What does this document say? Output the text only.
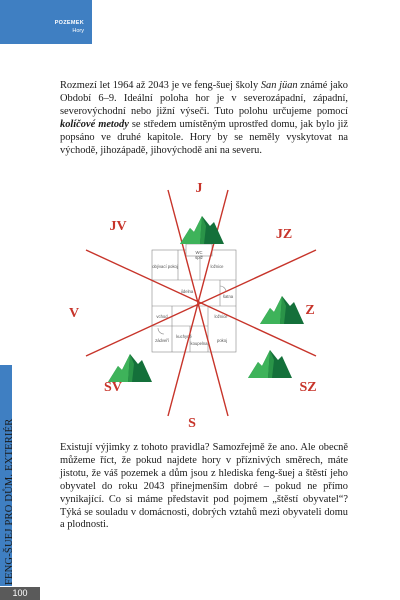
POZEMEK
Hory

Rozmezí let 1964 až 2043 je ve feng-šuej školy San jüan známé jako Období 6–9. Ideální poloha hor je v severozápadní, západní, severovýchodní nebo jižní výseči. Tuto polohu určujeme pomocí kolíčové metody se středem umístěným uprostřed domu, jak bylo již popsáno ve druhé kapitole. Hory by se neměly vyskytovat na východě, jihozápadě, jihovýchodě ani na severu.

WC
spíž
obývací pokoj	ložnice
jídelna
šatna
vchod	ložnice
kuchyně
zádveří
koupelna
pokoj
J
JZ
Z
SZ
S
SV
V
JV

Existují výjimky z tohoto pravidla? Samozřejmě že ano. Ale obecně můžeme říct, že pokud najdete hory v příznivých směrech, máte jistotu, že váš pozemek a dům jsou z hlediska feng-šuej a štěstí jeho obyvatel do roku 2043 přinejmenším dobré – pokud ne přímo vynikající. Co si máme představit pod pojmem „štěstí obyvatel“? Týká se souladu v domácnosti, dobrých vztahů mezi obyvateli domu a plodnosti.

FENG-ŠUEJ PRO DŮM. EXTERIÉR
100
